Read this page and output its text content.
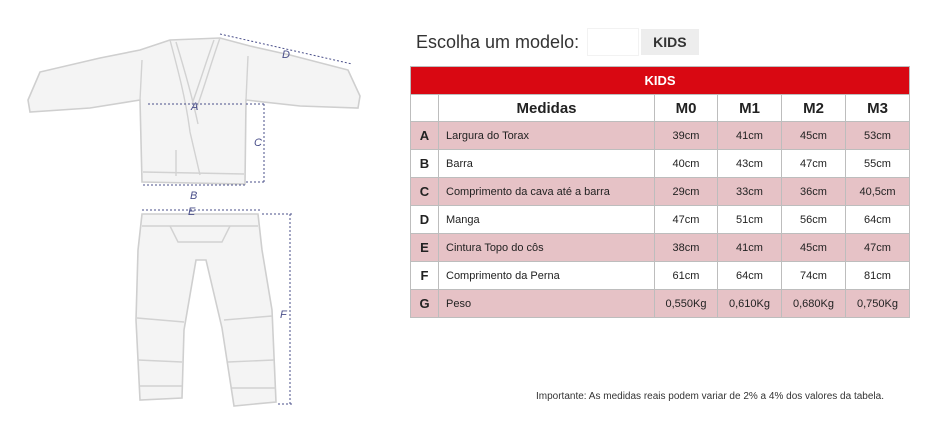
A
B
C
D
E
F
Escolha um modelo:	KIDS
KIDS					
	Medidas	M0	M1	M2	M3
A	Largura do Torax	39cm	41cm	45cm	53cm
B	Barra	40cm	43cm	47cm	55cm
C	Comprimento da cava até a barra	29cm	33cm	36cm	40,5cm
D	Manga	47cm	51cm	56cm	64cm
E	Cintura Topo do côs	38cm	41cm	45cm	47cm
F	Comprimento da Perna	61cm	64cm	74cm	81cm
G	Peso	0,550Kg	0,610Kg	0,680Kg	0,750Kg
Importante: As medidas reais podem variar de 2% a 4% dos valores da tabela.
